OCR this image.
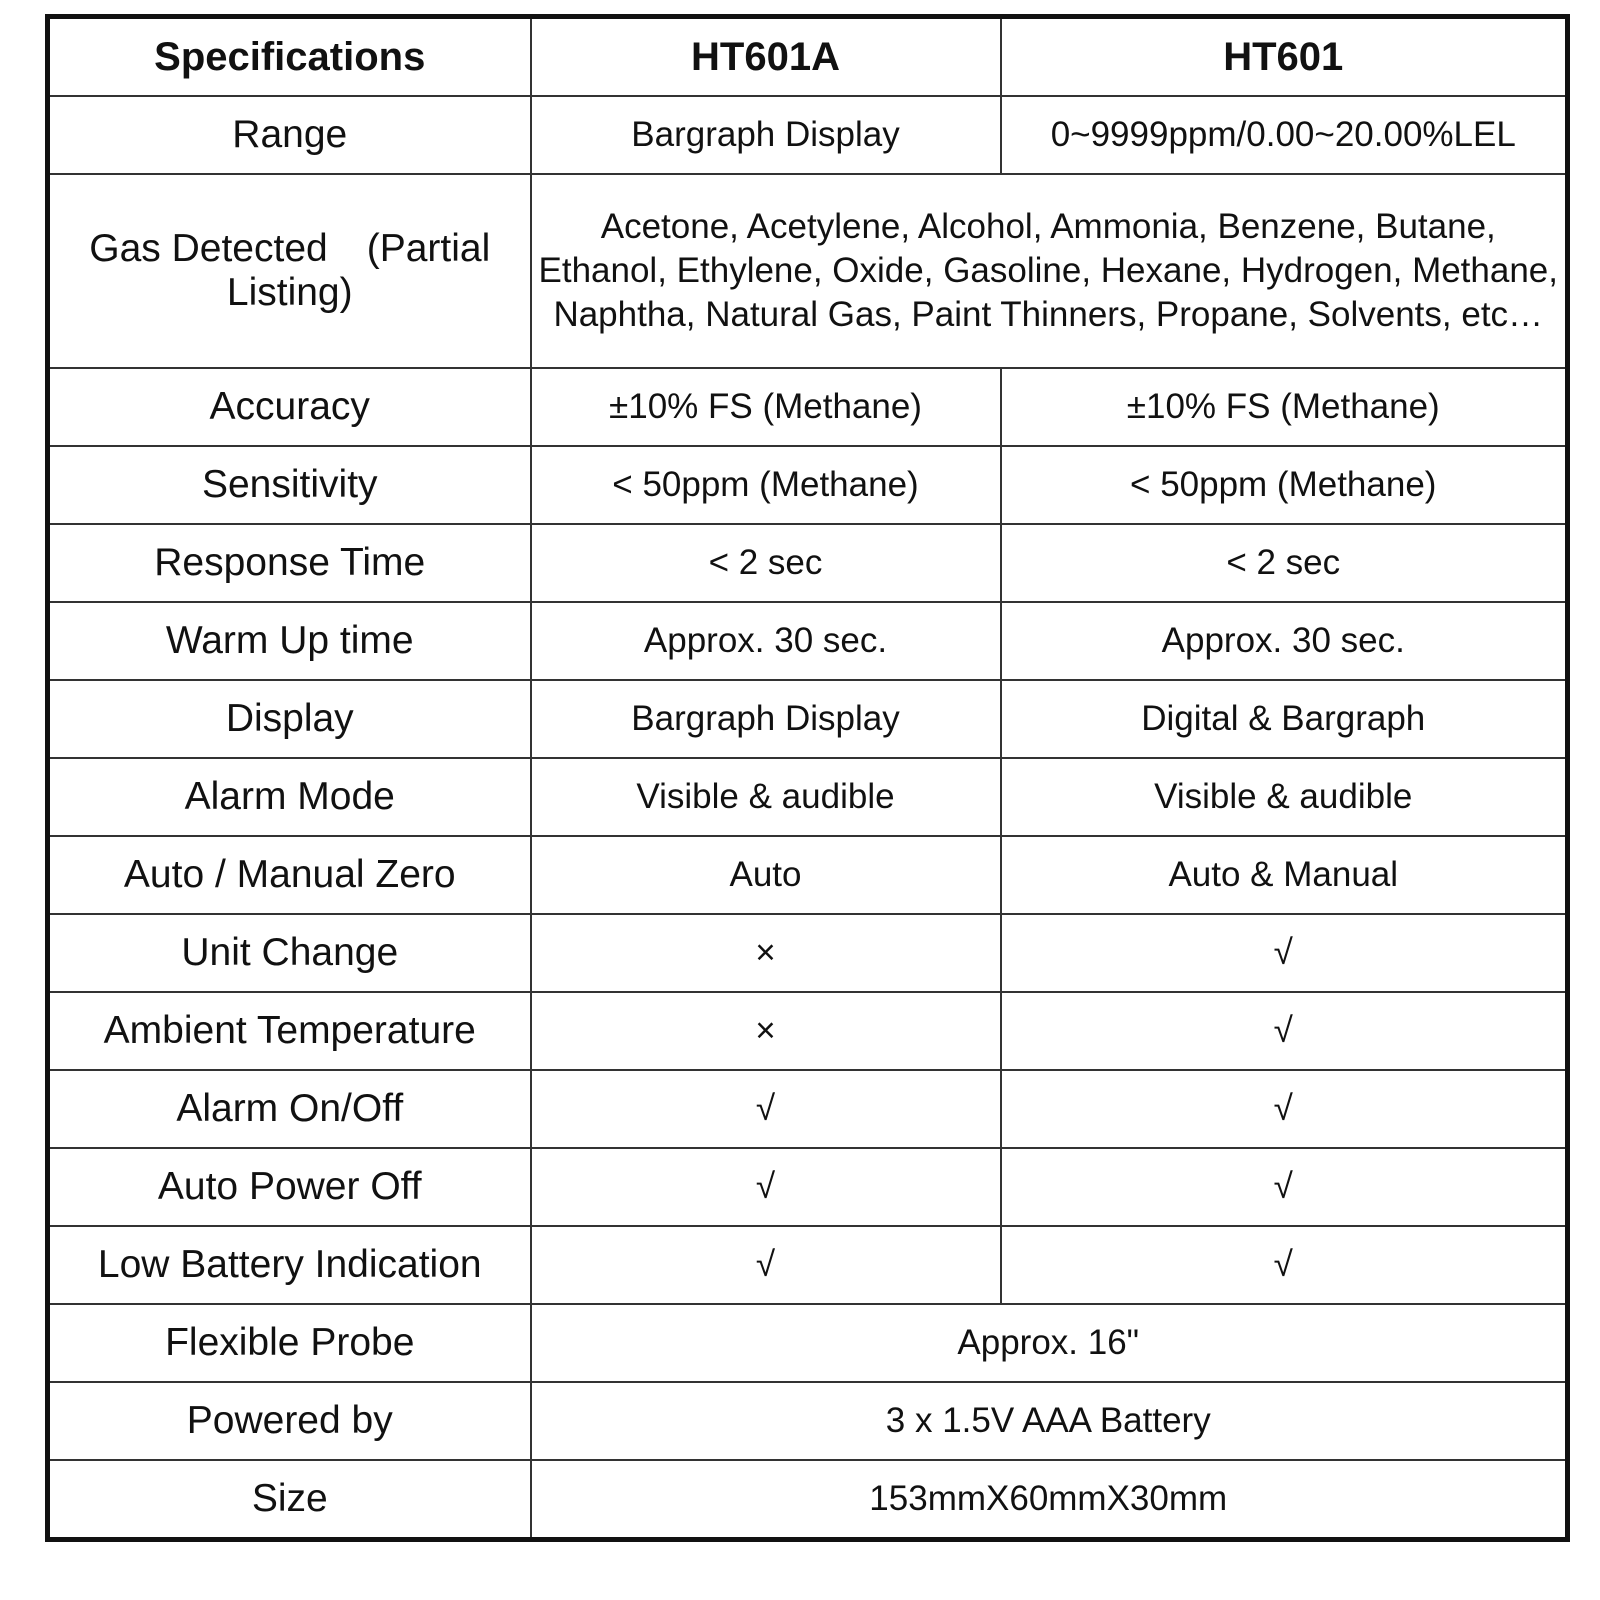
Specifications	HT601A	HT601
Range	Bargraph Display	0~9999ppm/0.00~20.00%LEL
Gas Detected　(Partial Listing)	Acetone, Acetylene, Alcohol, Ammonia, Benzene, Butane, Ethanol, Ethylene, Oxide, Gasoline, Hexane, Hydrogen, Methane, Naphtha, Natural Gas, Paint Thinners, Propane, Solvents, etc…	
Accuracy	±10% FS (Methane)	±10% FS (Methane)
Sensitivity	< 50ppm (Methane)	< 50ppm (Methane)
Response Time	< 2 sec	< 2 sec
Warm Up time	Approx. 30 sec.	Approx. 30 sec.
Display	Bargraph Display	Digital & Bargraph
Alarm Mode	Visible & audible	Visible & audible
Auto / Manual Zero	Auto	Auto & Manual
Unit Change	×	√
Ambient Temperature	×	√
Alarm On/Off	√	√
Auto Power Off	√	√
Low Battery Indication	√	√
Flexible Probe	Approx. 16"	
Powered by	3 x 1.5V AAA Battery	
Size	153mmX60mmX30mm	
